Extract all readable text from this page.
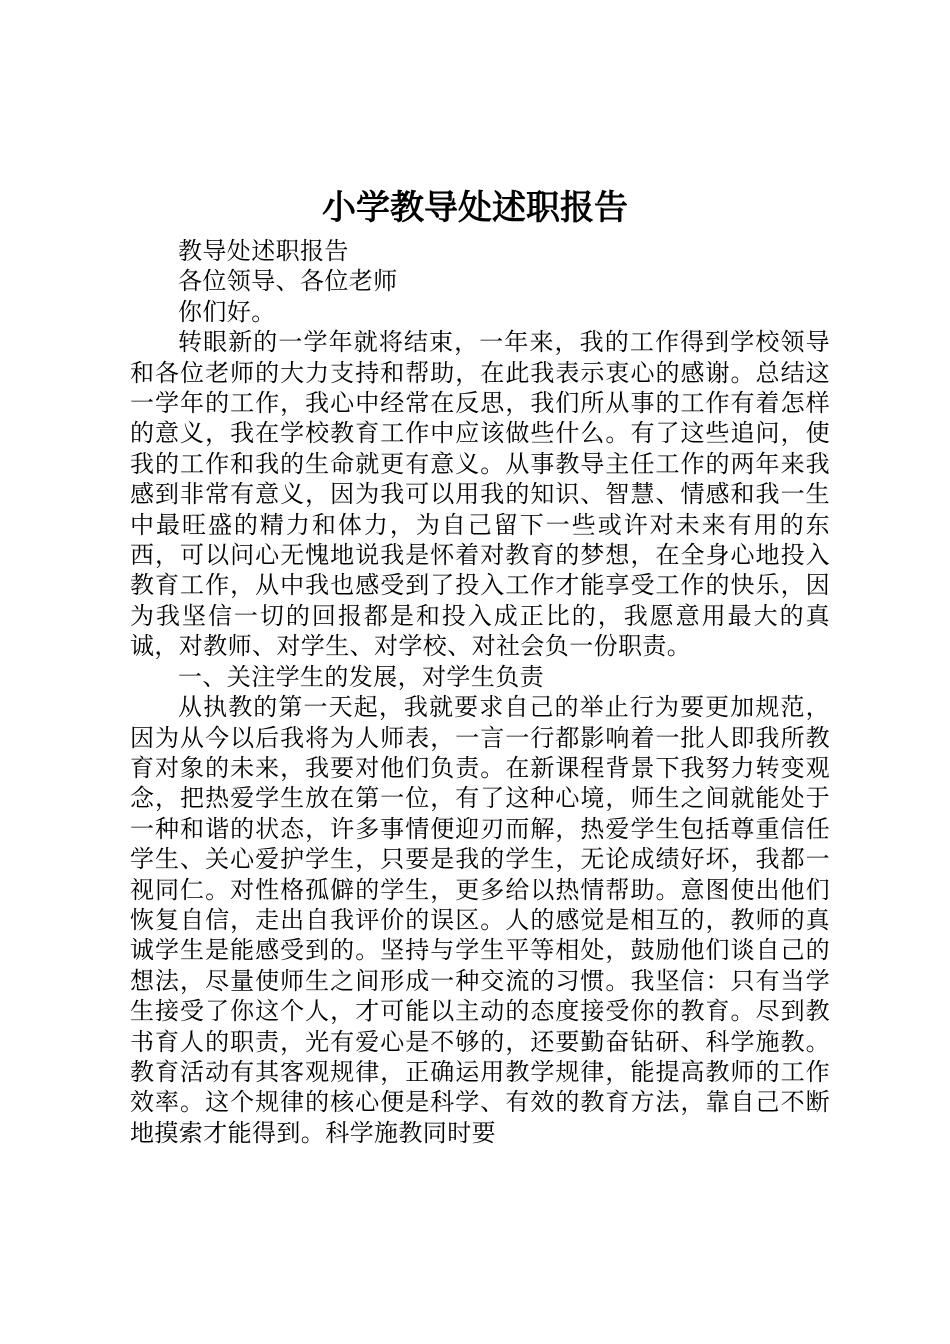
小学教导处述职报告

教导处述职报告

各位领导、各位老师

你们好。

转眼新的一学年就将结束，一年来，我的工作得到学校领导和各位老师的大力支持和帮助，在此我表示衷心的感谢。总结这一学年的工作，我心中经常在反思，我们所从事的工作有着怎样的意义，我在学校教育工作中应该做些什么。有了这些追问，使我的工作和我的生命就更有意义。从事教导主任工作的两年来我感到非常有意义，因为我可以用我的知识、智慧、情感和我一生中最旺盛的精力和体力，为自己留下一些或许对未来有用的东西，可以问心无愧地说我是怀着对教育的梦想，在全身心地投入教育工作，从中我也感受到了投入工作才能享受工作的快乐，因为我坚信一切的回报都是和投入成正比的，我愿意用最大的真诚，对教师、对学生、对学校、对社会负一份职责。

一、关注学生的发展，对学生负责

从执教的第一天起，我就要求自己的举止行为要更加规范，因为从今以后我将为人师表，一言一行都影响着一批人即我所教育对象的未来，我要对他们负责。在新课程背景下我努力转变观念，把热爱学生放在第一位，有了这种心境，师生之间就能处于一种和谐的状态，许多事情便迎刃而解，热爱学生包括尊重信任学生、关心爱护学生，只要是我的学生，无论成绩好坏，我都一视同仁。对性格孤僻的学生，更多给以热情帮助。意图使出他们恢复自信，走出自我评价的误区。人的感觉是相互的，教师的真诚学生是能感受到的。坚持与学生平等相处，鼓励他们谈自己的想法，尽量使师生之间形成一种交流的习惯。我坚信：只有当学生接受了你这个人，才可能以主动的态度接受你的教育。尽到教书育人的职责，光有爱心是不够的，还要勤奋钻研、科学施教。教育活动有其客观规律，正确运用教学规律，能提高教师的工作效率。这个规律的核心便是科学、有效的教育方法，靠自己不断地摸索才能得到。科学施教同时要
